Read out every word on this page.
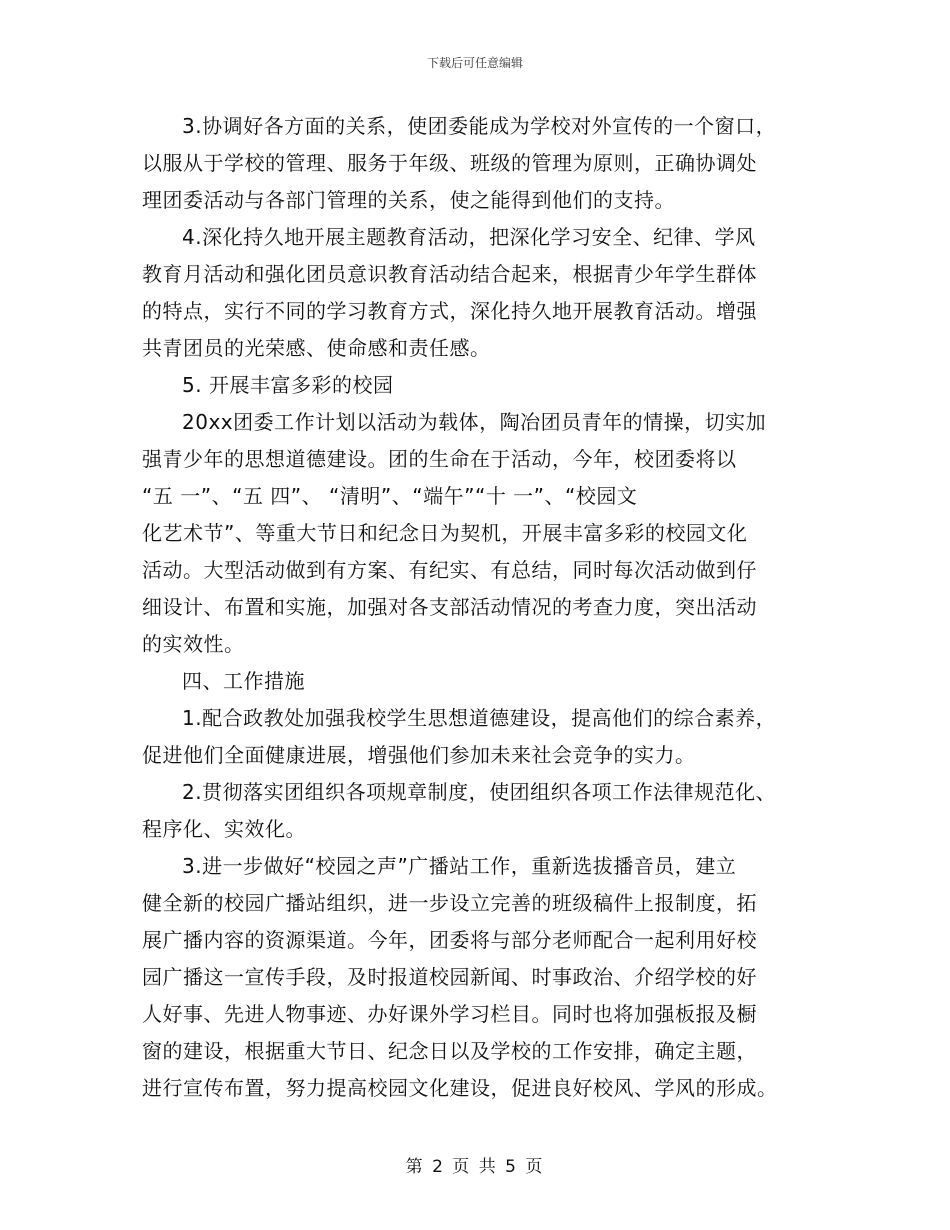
下载后可任意编辑
3.协调好各方面的关系，使团委能成为学校对外宣传的一个窗口，
以服从于学校的管理、服务于年级、班级的管理为原则，正确协调处
理团委活动与各部门管理的关系，使之能得到他们的支持。
4.深化持久地开展主题教育活动，把深化学习安全、纪律、学风
教育月活动和强化团员意识教育活动结合起来，根据青少年学生群体
的特点，实行不同的学习教育方式，深化持久地开展教育活动。增强
共青团员的光荣感、使命感和责任感。
5. 开展丰富多彩的校园
20xx团委工作计划以活动为载体，陶冶团员青年的情操，切实加
强青少年的思想道德建设。团的生命在于活动，今年，校团委将以
“五 一”、“五 四”、 “清明”、“端午”“十 一”、“校园文
化艺术节”、等重大节日和纪念日为契机，开展丰富多彩的校园文化
活动。大型活动做到有方案、有纪实、有总结，同时每次活动做到仔
细设计、布置和实施，加强对各支部活动情况的考查力度，突出活动
的实效性。
四、工作措施
1.配合政教处加强我校学生思想道德建设，提高他们的综合素养，
促进他们全面健康进展，增强他们参加未来社会竞争的实力。
2.贯彻落实团组织各项规章制度，使团组织各项工作法律规范化、
程序化、实效化。
3.进一步做好“校园之声”广播站工作，重新选拔播音员，建立
健全新的校园广播站组织，进一步设立完善的班级稿件上报制度，拓
展广播内容的资源渠道。今年，团委将与部分老师配合一起利用好校
园广播这一宣传手段，及时报道校园新闻、时事政治、介绍学校的好
人好事、先进人物事迹、办好课外学习栏目。同时也将加强板报及橱
窗的建设，根据重大节日、纪念日以及学校的工作安排，确定主题，
进行宣传布置，努力提高校园文化建设，促进良好校风、学风的形成。
第 2 页 共 5 页
